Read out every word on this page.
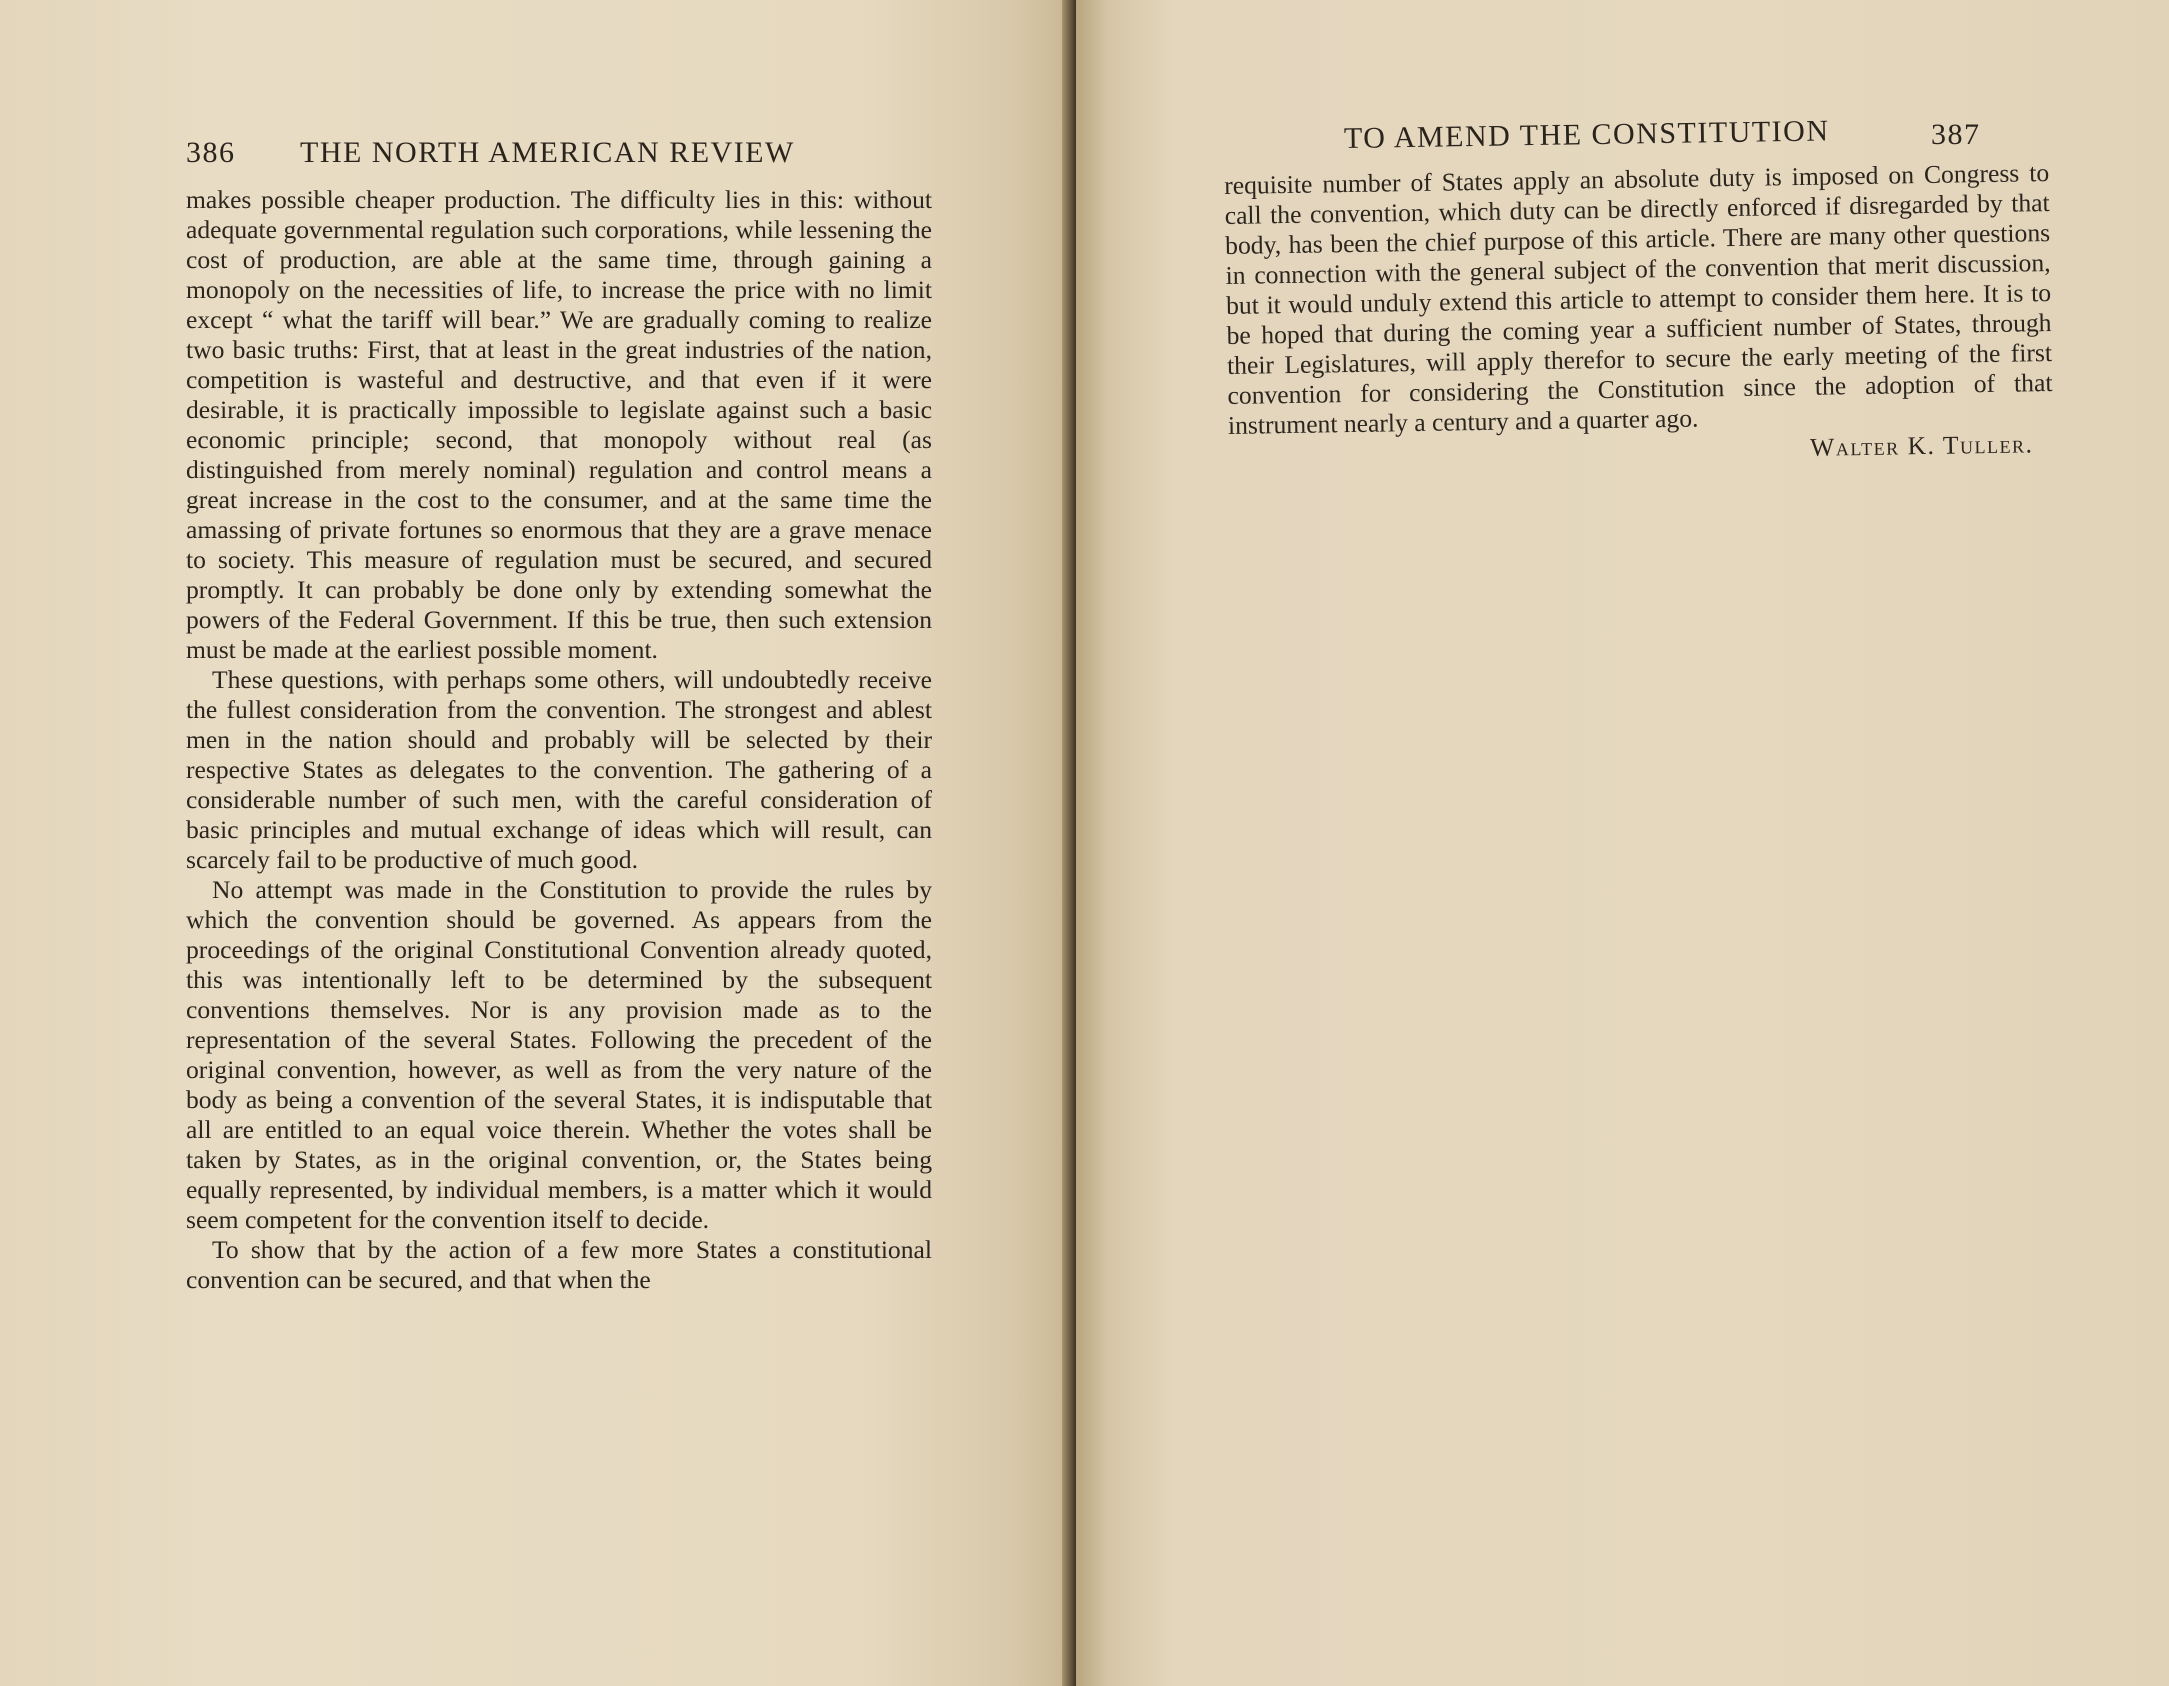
386 THE NORTH AMERICAN REVIEW

makes possible cheaper production. The difficulty lies in this: without adequate governmental regulation such corporations, while lessening the cost of production, are able at the same time, through gaining a monopoly on the necessities of life, to increase the price with no limit except “ what the tariff will bear.” We are gradually coming to realize two basic truths: First, that at least in the great industries of the nation, competition is wasteful and destructive, and that even if it were desirable, it is practically impossible to legislate against such a basic economic principle; second, that monopoly without real (as distinguished from merely nominal) regulation and control means a great increase in the cost to the consumer, and at the same time the amassing of private fortunes so enormous that they are a grave menace to society. This measure of regulation must be secured, and secured promptly. It can probably be done only by extending somewhat the powers of the Federal Government. If this be true, then such extension must be made at the earliest possible moment.

These questions, with perhaps some others, will undoubtedly receive the fullest consideration from the convention. The strongest and ablest men in the nation should and probably will be selected by their respective States as delegates to the convention. The gathering of a considerable number of such men, with the careful consideration of basic principles and mutual exchange of ideas which will result, can scarcely fail to be productive of much good.

No attempt was made in the Constitution to provide the rules by which the convention should be governed. As appears from the proceedings of the original Constitutional Convention already quoted, this was intentionally left to be determined by the subsequent conventions themselves. Nor is any provision made as to the representation of the several States. Following the precedent of the original convention, however, as well as from the very nature of the body as being a convention of the several States, it is indisputable that all are entitled to an equal voice therein. Whether the votes shall be taken by States, as in the original convention, or, the States being equally represented, by individual members, is a matter which it would seem competent for the convention itself to decide.

To show that by the action of a few more States a constitutional convention can be secured, and that when the

TO AMEND THE CONSTITUTION	387

requisite number of States apply an absolute duty is imposed on Congress to call the convention, which duty can be directly enforced if disregarded by that body, has been the chief purpose of this article. There are many other questions in connection with the general subject of the convention that merit discussion, but it would unduly extend this article to attempt to consider them here. It is to be hoped that during the coming year a sufficient number of States, through their Legislatures, will apply therefor to secure the early meeting of the first convention for considering the Constitution since the adoption of that instrument nearly a century and a quarter ago.

Walter K. Tuller.
